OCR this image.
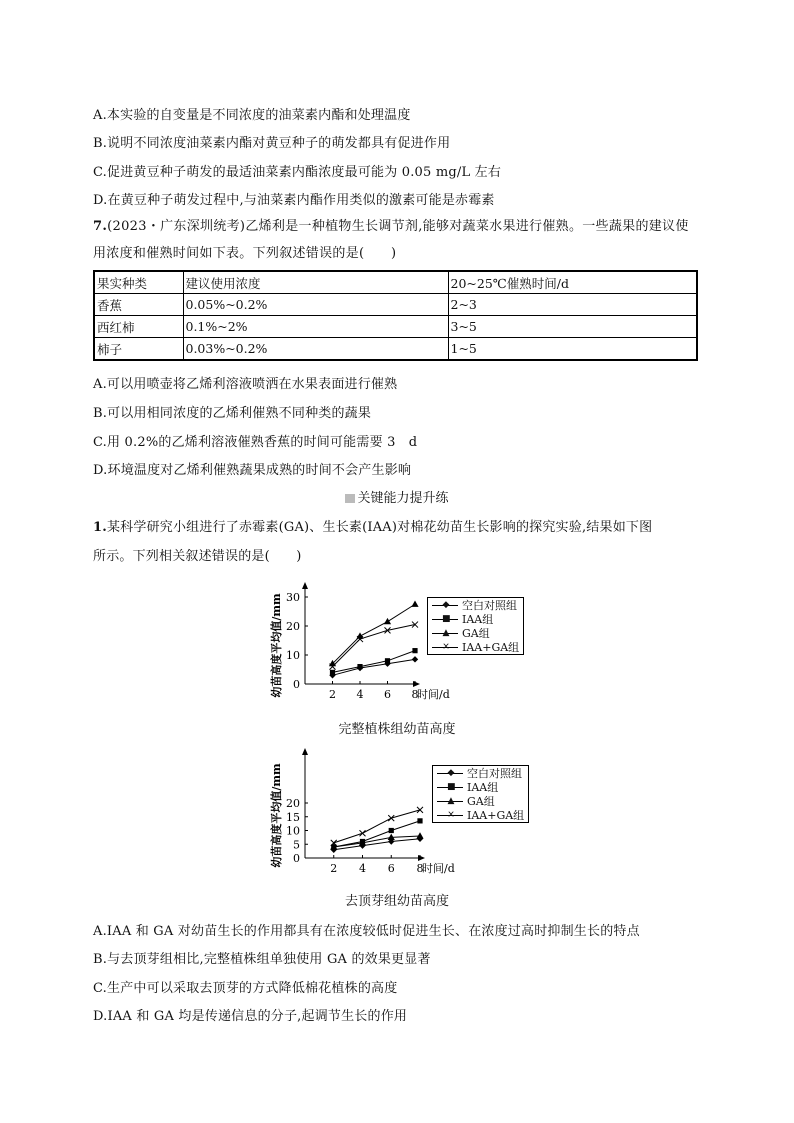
A.本实验的自变量是不同浓度的油菜素内酯和处理温度
B.说明不同浓度油菜素内酯对黄豆种子的萌发都具有促进作用
C.促进黄豆种子萌发的最适油菜素内酯浓度最可能为 0.05 mg/L 左右
D.在黄豆种子萌发过程中,与油菜素内酯作用类似的激素可能是赤霉素
7.(2023・广东深圳统考)乙烯利是一种植物生长调节剂,能够对蔬菜水果进行催熟。一些蔬果的建议使用浓度和催熟时间如下表。下列叙述错误的是(　　)
果实种类	建议使用浓度	20~25℃催熟时间/d
香蕉	0.05%~0.2%	2~3
西红柿	0.1%~2%	3~5
柿子	0.03%~0.2%	1~5
A.可以用喷壶将乙烯利溶液喷洒在水果表面进行催熟
B.可以用相同浓度的乙烯利催熟不同种类的蔬果
C.用 0.2%的乙烯利溶液催熟香蕉的时间可能需要 3　d
D.环境温度对乙烯利催熟蔬果成熟的时间不会产生影响
关键能力提升练
1.某科学研究小组进行了赤霉素(GA)、生长素(IAA)对棉花幼苗生长影响的探究实验,结果如下图
所示。下列相关叙述错误的是(　　)
0
10
20
30
2 4 6 8
时间/d
幼苗高度平均值/mm	◆ 空白对照组
■ IAA组
▲ GA组
× IAA+GA组
完整植株组幼苗高度
0
5
10
15
20
2 4 6 8
时间/d
幼苗高度平均值/mm	◆ 空白对照组
■ IAA组
▲ GA组
× IAA+GA组
去顶芽组幼苗高度
A.IAA 和 GA 对幼苗生长的作用都具有在浓度较低时促进生长、在浓度过高时抑制生长的特点
B.与去顶芽组相比,完整植株组单独使用 GA 的效果更显著
C.生产中可以采取去顶芽的方式降低棉花植株的高度
D.IAA 和 GA 均是传递信息的分子,起调节生长的作用
